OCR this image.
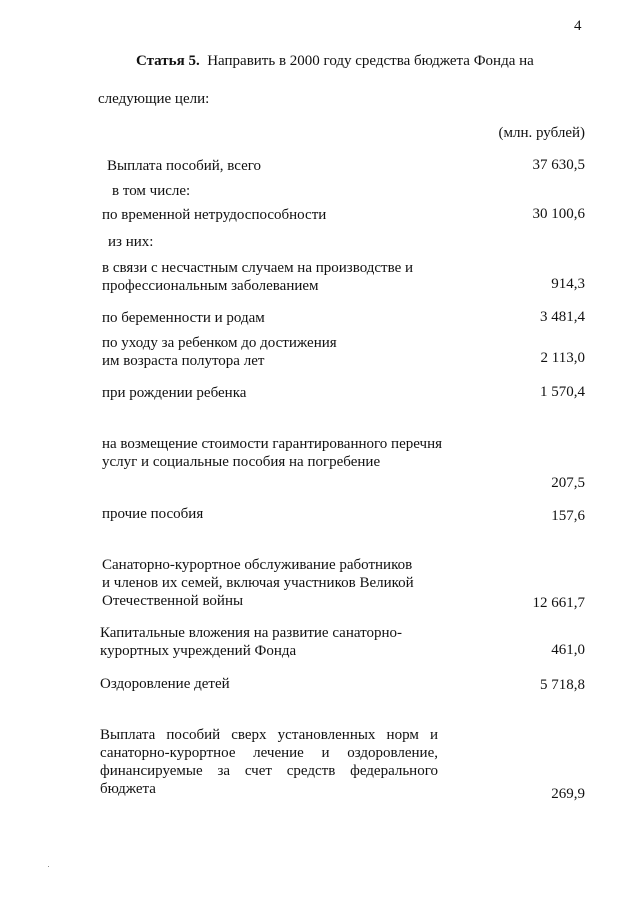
4
Статья 5. Направить в 2000 году средства бюджета Фонда на
следующие цели:
(млн. рублей)
Выплата пособий, всего	37 630,5
в том числе:
по временной нетрудоспособности	30 100,6
из них:
в связи с несчастным случаем на производстве и
профессиональным заболеванием	914,3
по беременности и родам	3 481,4
по уходу за ребенком до достижения
им возраста полутора лет	2 113,0
при рождении ребенка	1 570,4
на возмещение стоимости гарантированного перечня услуг и социальные пособия на погребение
207,5
прочие пособия	157,6
Санаторно-курортное обслуживание работников
и членов их семей, включая участников Великой
Отечественной войны	12 661,7
Капитальные вложения на развитие санаторно-
курортных учреждений Фонда	461,0
Оздоровление детей	5 718,8
Выплата пособий сверх установленных норм и санаторно-курортное лечение и оздоровление, финансируемые за счет средств федерального бюджета	269,9
